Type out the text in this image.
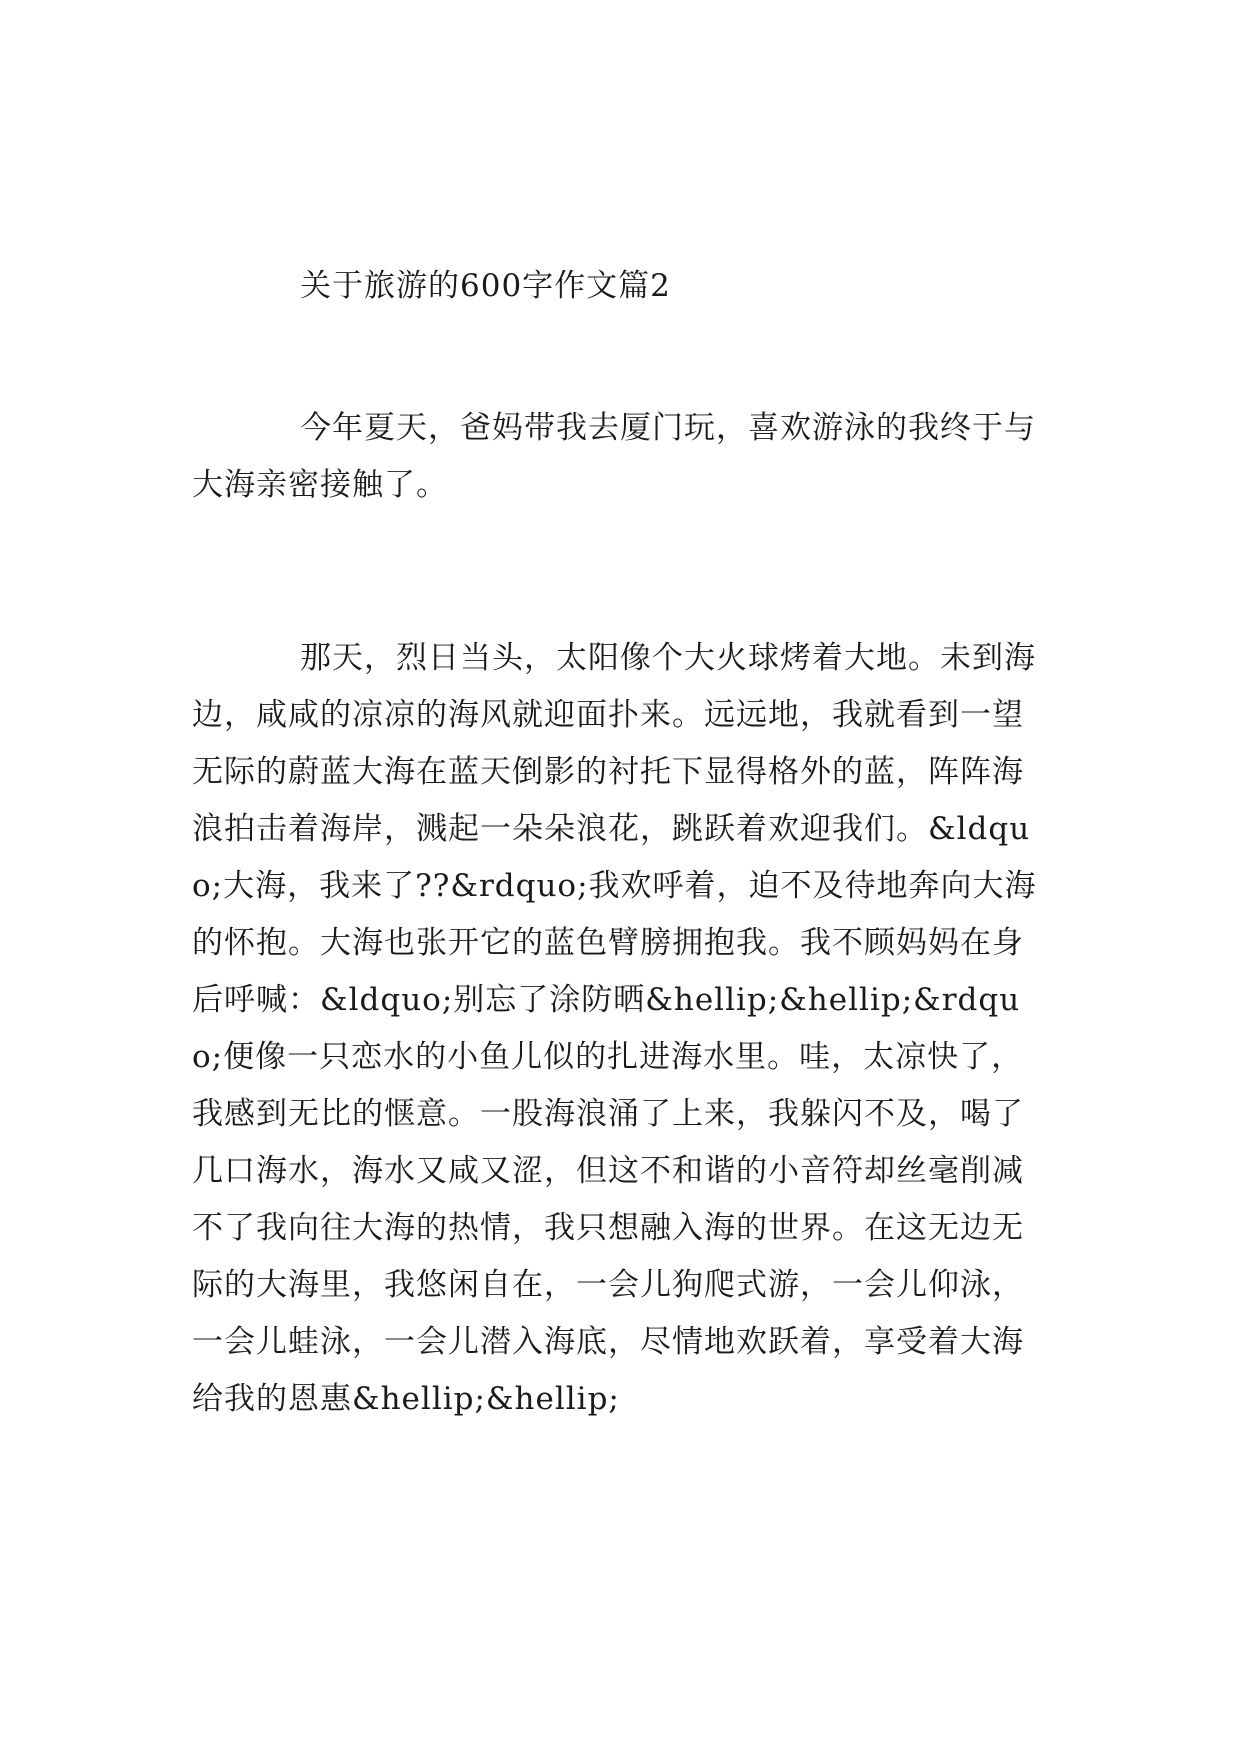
关于旅游的600字作文篇2
今年夏天，爸妈带我去厦门玩，喜欢游泳的我终于与大海亲密接触了。
那天，烈日当头，太阳像个大火球烤着大地。未到海边，咸咸的凉凉的海风就迎面扑来。远远地，我就看到一望无际的蔚蓝大海在蓝天倒影的衬托下显得格外的蓝，阵阵海浪拍击着海岸，溅起一朵朵浪花，跳跃着欢迎我们。&ldquo;大海，我来了??&rdquo;我欢呼着，迫不及待地奔向大海的怀抱。大海也张开它的蓝色臂膀拥抱我。我不顾妈妈在身后呼喊：&ldquo;别忘了涂防晒&hellip;&hellip;&rdquo;便像一只恋水的小鱼儿似的扎进海水里。哇，太凉快了，我感到无比的惬意。一股海浪涌了上来，我躲闪不及，喝了几口海水，海水又咸又涩，但这不和谐的小音符却丝毫削减不了我向往大海的热情，我只想融入海的世界。在这无边无际的大海里，我悠闲自在，一会儿狗爬式游，一会儿仰泳，一会儿蛙泳，一会儿潜入海底，尽情地欢跃着，享受着大海给我的恩惠&hellip;&hellip;
